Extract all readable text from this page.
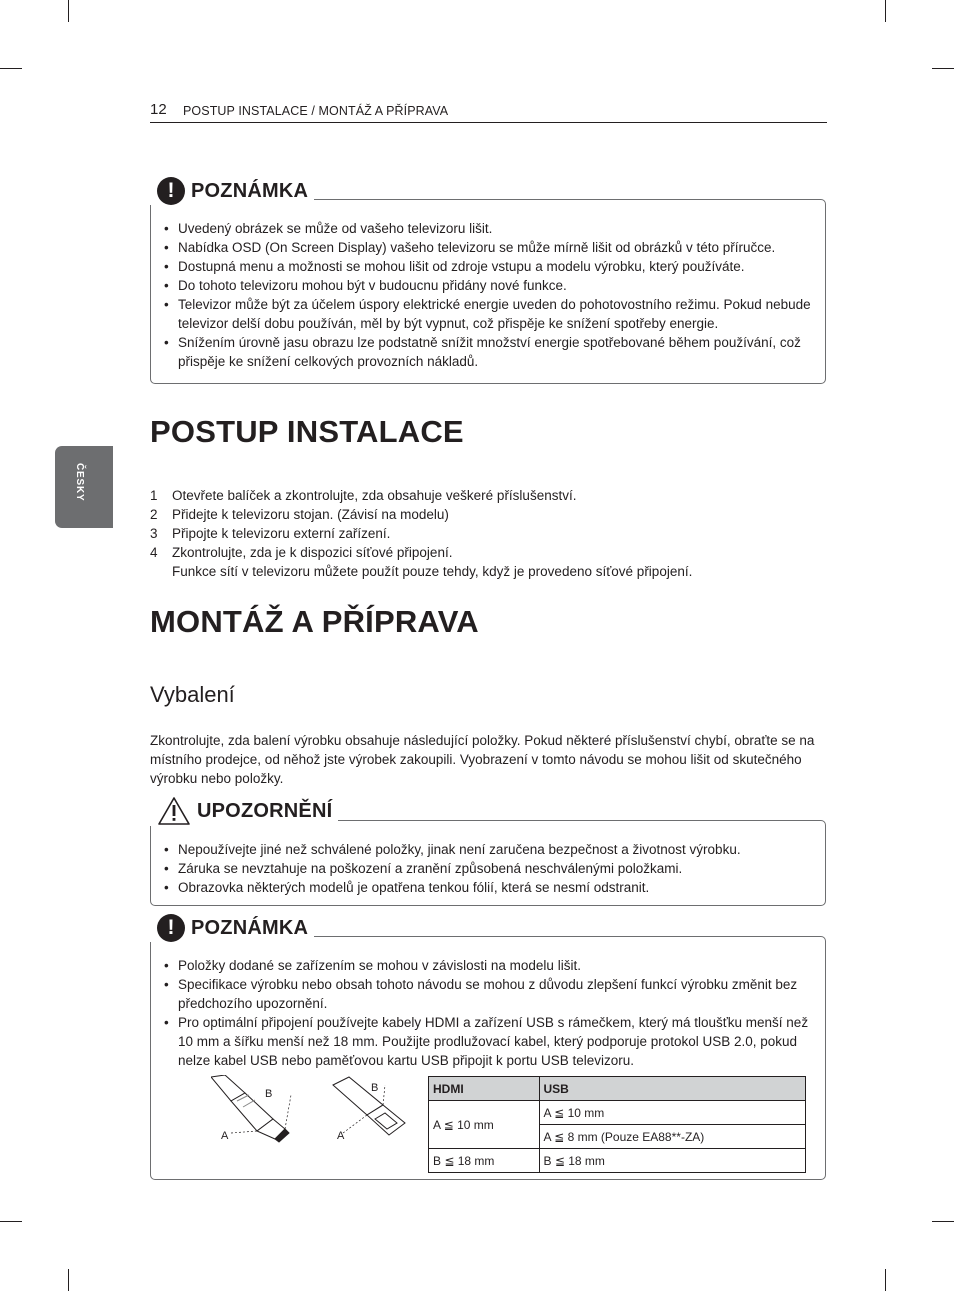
12 POSTUP INSTALACE / MONTÁŽ A PŘÍPRAVA
ČESKY
!
POZNÁMKA
• Uvedený obrázek se může od vašeho televizoru lišit.
• Nabídka OSD (On Screen Display) vašeho televizoru se může mírně lišit od obrázků v této příručce.
• Dostupná menu a možnosti se mohou lišit od zdroje vstupu a modelu výrobku, který používáte.
• Do tohoto televizoru mohou být v budoucnu přidány nové funkce.
• Televizor může být za účelem úspory elektrické energie uveden do pohotovostního režimu. Pokud nebude televizor delší dobu používán, měl by být vypnut, což přispěje ke snížení spotřeby energie.
• Snížením úrovně jasu obrazu lze podstatně snížit množství energie spotřebované během používání, což přispěje ke snížení celkových provozních nákladů.
POSTUP INSTALACE
1 Otevřete balíček a zkontrolujte, zda obsahuje veškeré příslušenství.
2 Přidejte k televizoru stojan. (Závisí na modelu)
3 Připojte k televizoru externí zařízení.
4 Zkontrolujte, zda je k dispozici síťové připojení.
Funkce sítí v televizoru můžete použít pouze tehdy, když je provedeno síťové připojení.
MONTÁŽ A PŘÍPRAVA
Vybalení
Zkontrolujte, zda balení výrobku obsahuje následující položky. Pokud některé příslušenství chybí, obraťte se na místního prodejce, od něhož jste výrobek zakoupili. Vyobrazení v tomto návodu se mohou lišit od skutečného výrobku nebo položky.
UPOZORNĚNÍ
• Nepoužívejte jiné než schválené položky, jinak není zaručena bezpečnost a životnost výrobku.
• Záruka se nevztahuje na poškození a zranění způsobená neschválenými položkami.
• Obrazovka některých modelů je opatřena tenkou fólií, která se nesmí odstranit.
!
POZNÁMKA
• Položky dodané se zařízením se mohou v závislosti na modelu lišit.
• Specifikace výrobku nebo obsah tohoto návodu se mohou z důvodu zlepšení funkcí výrobku změnit bez předchozího upozornění.
• Pro optimální připojení používejte kabely HDMI a zařízení USB s rámečkem, který má tloušťku menší než 10 mm a šířku menší než 18 mm. Použijte prodlužovací kabel, který podporuje protokol USB 2.0, pokud nelze kabel USB nebo paměťovou kartu USB připojit k portu USB televizoru.
A
B
A
B	HDMI	USB
A ≦ 10 mm	A ≦ 10 mm
	A ≦ 8 mm (Pouze EA88**-ZA)
B ≦ 18 mm	B ≦ 18 mm
